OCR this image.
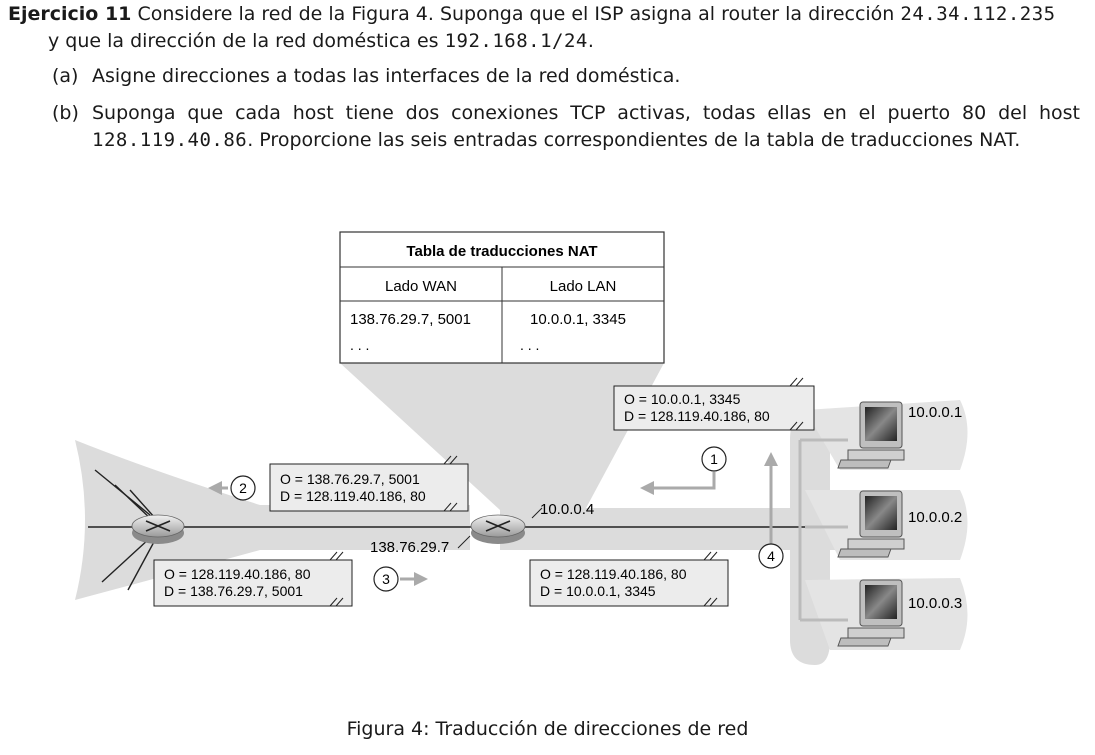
Ejercicio 11 Considere la red de la Figura 4. Suponga que el ISP asigna al router la dirección 24.34.112.235
y que la dirección de la red doméstica es 192.168.1/24.
(a) Asigne direcciones a todas las interfaces de la red doméstica.
(b) Suponga que cada host tiene dos conexiones TCP activas, todas ellas en el puerto 80 del host 128.119.40.86. Proporcione las seis entradas correspondientes de la tabla de traducciones NAT.
Tabla de traducciones NAT
Lado WAN	Lado LAN
138.76.29.7, 5001	10.0.0.1, 3345
. . .	. . .
138.76.29.7
10.0.0.4
O = 10.0.0.1, 3345
D = 128.119.40.186, 80
O = 138.76.29.7, 5001
D = 128.119.40.186, 80
O = 128.119.40.186, 80
D = 138.76.29.7, 5001
O = 128.119.40.186, 80
D = 10.0.0.1, 3345
1
2
3
4
10.0.0.1
10.0.0.2
10.0.0.3
Figura 4: Traducción de direcciones de red
